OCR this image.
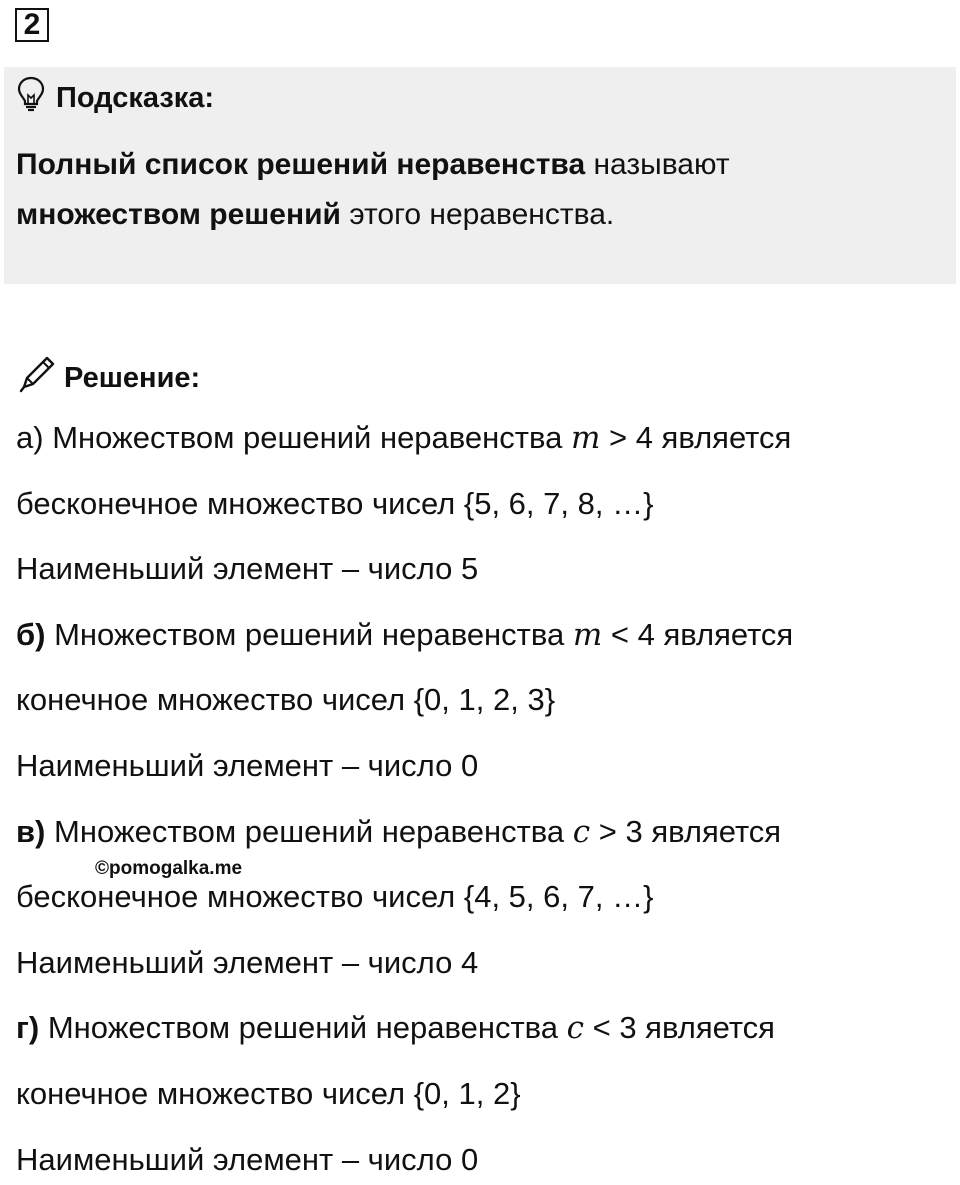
2
Подсказка:
Полный список решений неравенства называют
множеством решений этого неравенства.
Решение:
а) Множеством решений неравенства m > 4 является
бесконечное множество чисел {5, 6, 7, 8, …}
Наименьший элемент – число 5
б) Множеством решений неравенства m < 4 является
конечное множество чисел {0, 1, 2, 3}
Наименьший элемент – число 0
в) Множеством решений неравенства c > 3 является
бесконечное множество чисел {4, 5, 6, 7, …}
Наименьший элемент – число 4
г) Множеством решений неравенства c < 3 является
конечное множество чисел {0, 1, 2}
Наименьший элемент – число 0
©pomogalka.me
